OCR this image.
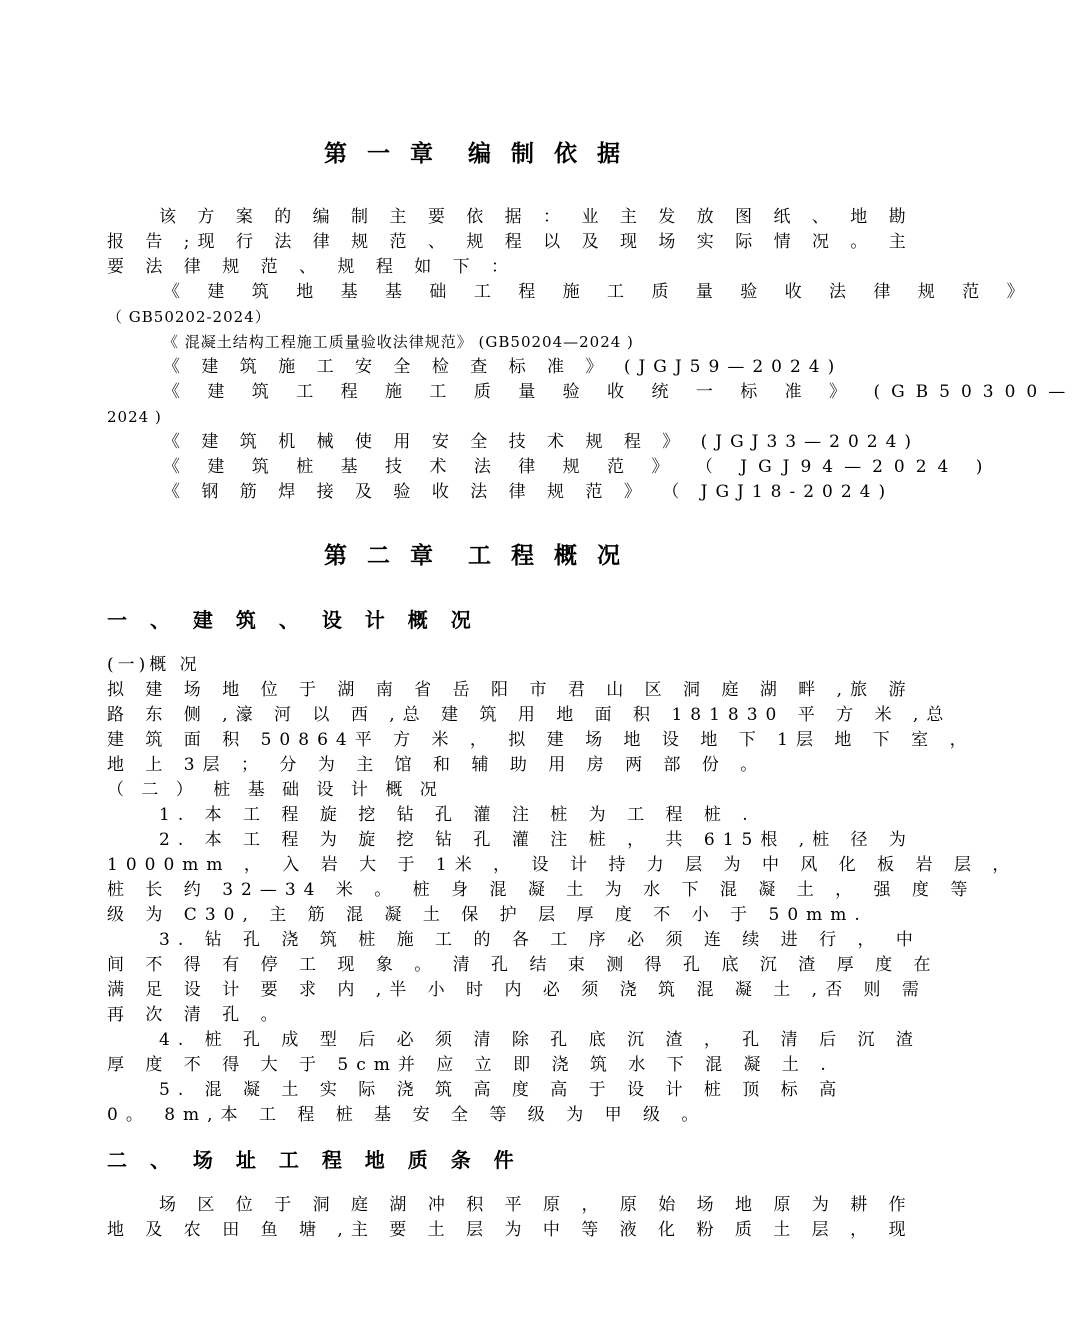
第 一 章　编 制 依 据
该 方 案 的 编 制 主 要 依 据 ： 业 主 发 放 图 纸 、 地 勘
报 告 ;现 行 法 律 规 范 、 规 程 以 及 现 场 实 际 情 况 。 主
要 法 律 规 范 、 规 程 如 下 ：
《 建 筑 地 基 基 础 工 程 施 工 质 量 验 收 法 律 规 范 》
（ GB50202-2024）
《 混凝土结构工程施工质量验收法律规范》 (GB50204—2024 )
《 建 筑 施 工 安 全 检 查 标 准 》 (JGJ59—2024)
《 建 筑 工 程 施 工 质 量 验 收 统 一 标 准 》 (GB50300—
2024 )
《 建 筑 机 械 使 用 安 全 技 术 规 程 》 (JGJ33—2024)
《 建 筑 桩 基 技 术 法 律 规 范 》 （ JGJ94—2024 )
《 钢 筋 焊 接 及 验 收 法 律 规 范 》 （ JGJ18-2024)
第 二 章　工 程 概 况
一 、 建 筑 、 设 计 概 况
(一)概 况
拟 建 场 地 位 于 湖 南 省 岳 阳 市 君 山 区 洞 庭 湖 畔 ,旅 游
路 东 侧 ,濠 河 以 西 ,总 建 筑 用 地 面 积 181830 平 方 米 ,总
建 筑 面 积 50864平 方 米 ， 拟 建 场 地 设 地 下 1层 地 下 室 ，
地 上 3层 ； 分 为 主 馆 和 辅 助 用 房 两 部 份 。
（ 二 ）　桩 基 础 设 计 概 况
1. 本 工 程 旋 挖 钻 孔 灌 注 桩 为 工 程 桩 .
2. 本 工 程 为 旋 挖 钻 孔 灌 注 桩 ， 共 615根 ,桩 径 为
1000mm ， 入 岩 大 于 1米 ， 设 计 持 力 层 为 中 风 化 板 岩 层 ，
桩 长 约 32—34 米 。 桩 身 混 凝 土 为 水 下 混 凝 土 ， 强 度 等
级 为 C30, 主 筋 混 凝 土 保 护 层 厚 度 不 小 于 50mm.
3. 钻 孔 浇 筑 桩 施 工 的 各 工 序 必 须 连 续 进 行 ， 中
间 不 得 有 停 工 现 象 。 清 孔 结 束 测 得 孔 底 沉 渣 厚 度 在
满 足 设 计 要 求 内 ,半 小 时 内 必 须 浇 筑 混 凝 土 ,否 则 需
再 次 清 孔 。
4. 桩 孔 成 型 后 必 须 清 除 孔 底 沉 渣 ， 孔 清 后 沉 渣
厚 度 不 得 大 于 5cm并 应 立 即 浇 筑 水 下 混 凝 土 .
5. 混 凝 土 实 际 浇 筑 高 度 高 于 设 计 桩 顶 标 高
0。 8m,本 工 程 桩 基 安 全 等 级 为 甲 级 。
二 、 场 址 工 程 地 质 条 件
场 区 位 于 洞 庭 湖 冲 积 平 原 ， 原 始 场 地 原 为 耕 作
地 及 农 田 鱼 塘 ,主 要 土 层 为 中 等 液 化 粉 质 土 层 ， 现
